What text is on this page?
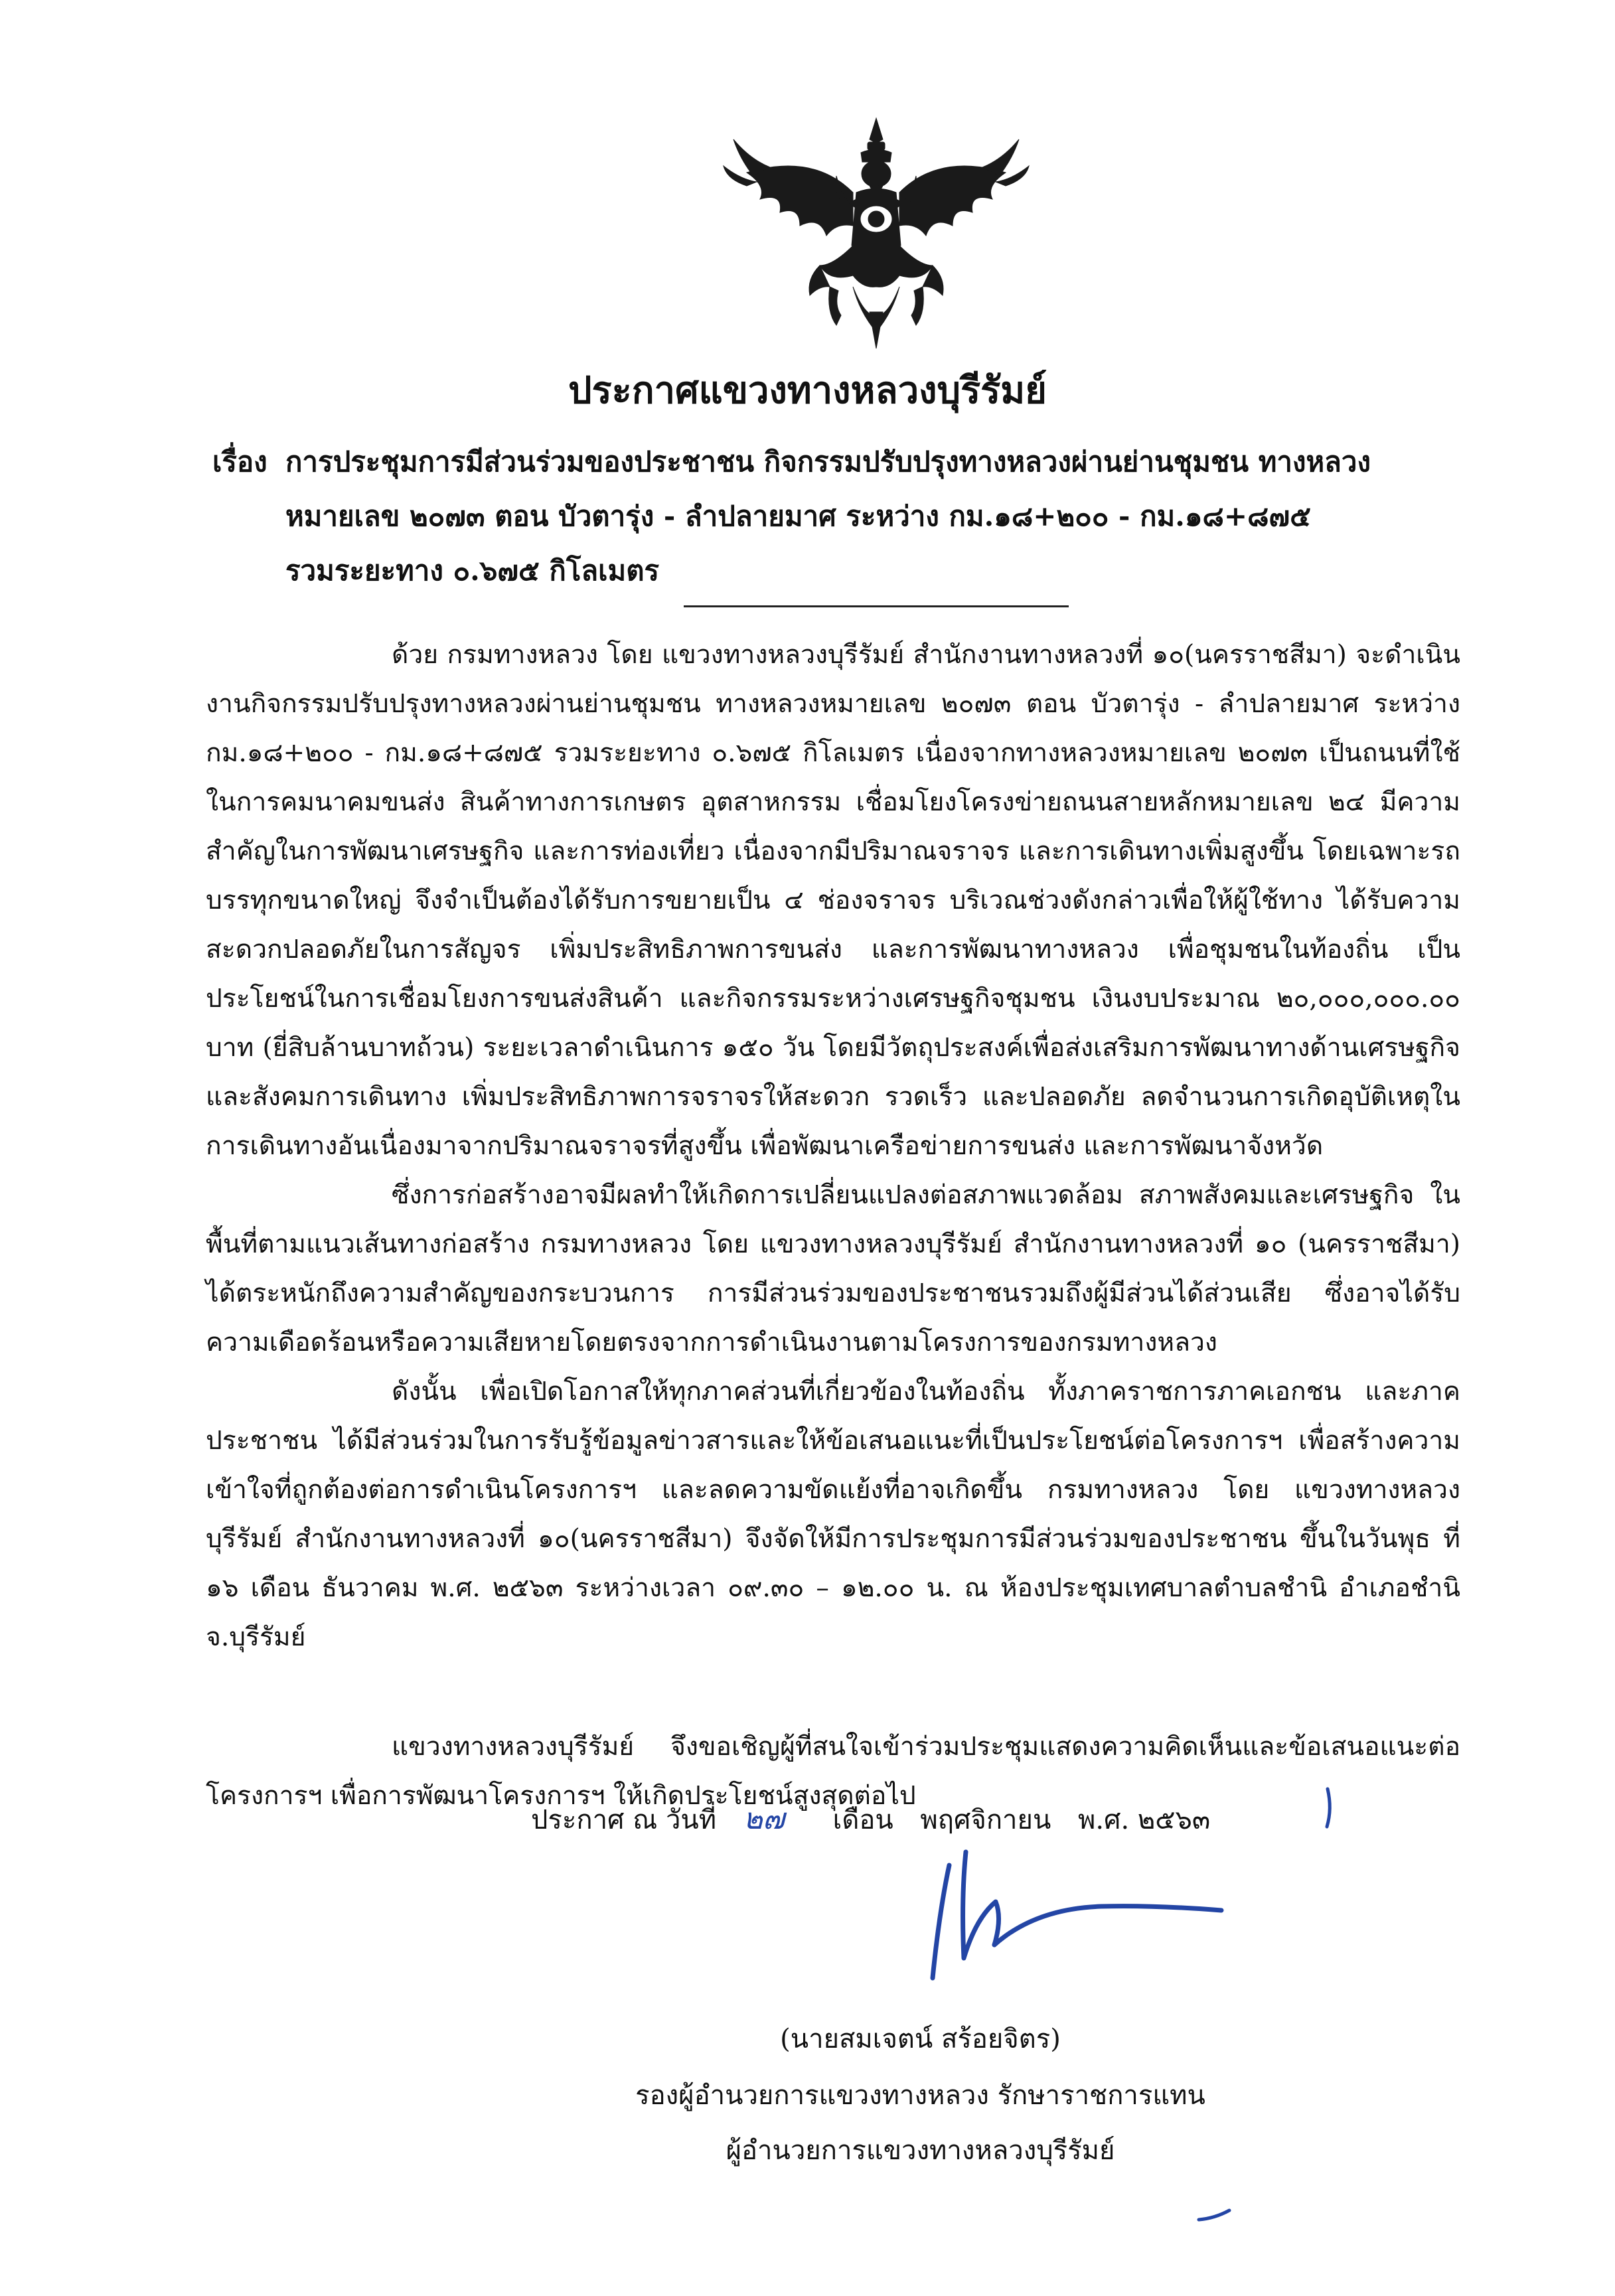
ประกาศแขวงทางหลวงบุรีรัมย์
เรื่อง การประชุมการมีส่วนร่วมของประชาชน กิจกรรมปรับปรุงทางหลวงผ่านย่านชุมชน ทางหลวง
หมายเลข ๒๐๗๓ ตอน บัวตารุ่ง - ลำปลายมาศ ระหว่าง กม.๑๘+๒๐๐ - กม.๑๘+๘๗๕
รวมระยะทาง ๐.๖๗๕ กิโลเมตร

ด้วย กรมทางหลวง โดย แขวงทางหลวงบุรีรัมย์ สำนักงานทางหลวงที่ ๑๐(นครราชสีมา) จะดำเนินงานกิจกรรมปรับปรุงทางหลวงผ่านย่านชุมชน ทางหลวงหมายเลข ๒๐๗๓ ตอน บัวตารุ่ง - ลำปลายมาศ ระหว่าง กม.๑๘+๒๐๐ - กม.๑๘+๘๗๕ รวมระยะทาง ๐.๖๗๕ กิโลเมตร เนื่องจากทางหลวงหมายเลข ๒๐๗๓ เป็นถนนที่ใช้ในการคมนาคมขนส่ง สินค้าทางการเกษตร อุตสาหกรรม เชื่อมโยงโครงข่ายถนนสายหลักหมายเลข ๒๔ มีความสำคัญในการพัฒนาเศรษฐกิจ และการท่องเที่ยว เนื่องจากมีปริมาณจราจร และการเดินทางเพิ่มสูงขึ้น โดยเฉพาะรถบรรทุกขนาดใหญ่ จึงจำเป็นต้องได้รับการขยายเป็น ๔ ช่องจราจร บริเวณช่วงดังกล่าวเพื่อให้ผู้ใช้ทาง ได้รับความสะดวกปลอดภัยในการสัญจร เพิ่มประสิทธิภาพการขนส่ง และการพัฒนาทางหลวง เพื่อชุมชนในท้องถิ่น เป็นประโยชน์ในการเชื่อมโยงการขนส่งสินค้า และกิจกรรมระหว่างเศรษฐกิจชุมชน เงินงบประมาณ ๒๐,๐๐๐,๐๐๐.๐๐ บาท (ยี่สิบล้านบาทถ้วน) ระยะเวลาดำเนินการ ๑๕๐ วัน โดยมีวัตถุประสงค์เพื่อส่งเสริมการพัฒนาทางด้านเศรษฐกิจและสังคมการเดินทาง เพิ่มประสิทธิภาพการจราจรให้สะดวก รวดเร็ว และปลอดภัย ลดจำนวนการเกิดอุบัติเหตุในการเดินทางอันเนื่องมาจากปริมาณจราจรที่สูงขึ้น เพื่อพัฒนาเครือข่ายการขนส่ง และการพัฒนาจังหวัด

ซึ่งการก่อสร้างอาจมีผลทำให้เกิดการเปลี่ยนแปลงต่อสภาพแวดล้อม สภาพสังคมและเศรษฐกิจ ในพื้นที่ตามแนวเส้นทางก่อสร้าง กรมทางหลวง โดย แขวงทางหลวงบุรีรัมย์ สำนักงานทางหลวงที่ ๑๐ (นครราชสีมา) ได้ตระหนักถึงความสำคัญของกระบวนการ การมีส่วนร่วมของประชาชนรวมถึงผู้มีส่วนได้ส่วนเสีย ซึ่งอาจได้รับความเดือดร้อนหรือความเสียหายโดยตรงจากการดำเนินงานตามโครงการของกรมทางหลวง

ดังนั้น เพื่อเปิดโอกาสให้ทุกภาคส่วนที่เกี่ยวข้องในท้องถิ่น ทั้งภาคราชการภาคเอกชน และภาคประชาชน ได้มีส่วนร่วมในการรับรู้ข้อมูลข่าวสารและให้ข้อเสนอแนะที่เป็นประโยชน์ต่อโครงการฯ เพื่อสร้างความเข้าใจที่ถูกต้องต่อการดำเนินโครงการฯ และลดความขัดแย้งที่อาจเกิดขึ้น กรมทางหลวง โดย แขวงทางหลวงบุรีรัมย์ สำนักงานทางหลวงที่ ๑๐(นครราชสีมา) จึงจัดให้มีการประชุมการมีส่วนร่วมของประชาชน ขึ้นในวันพุธ ที่ ๑๖ เดือน ธันวาคม พ.ศ. ๒๕๖๓ ระหว่างเวลา ๐๙.๓๐ – ๑๒.๐๐ น. ณ ห้องประชุมเทศบาลตำบลชำนิ อำเภอชำนิ จ.บุรีรัมย์

แขวงทางหลวงบุรีรัมย์ จึงขอเชิญผู้ที่สนใจเข้าร่วมประชุมแสดงความคิดเห็นและข้อเสนอแนะต่อโครงการฯ เพื่อการพัฒนาโครงการฯ ให้เกิดประโยชน์สูงสุดต่อไป
ประกาศ ณ วันที่ ๒๗ เดือน พฤศจิกายน พ.ศ. ๒๕๖๓
(นายสมเจตน์ สร้อยจิตร)
รองผู้อำนวยการแขวงทางหลวง รักษาราชการแทน
ผู้อำนวยการแขวงทางหลวงบุรีรัมย์
